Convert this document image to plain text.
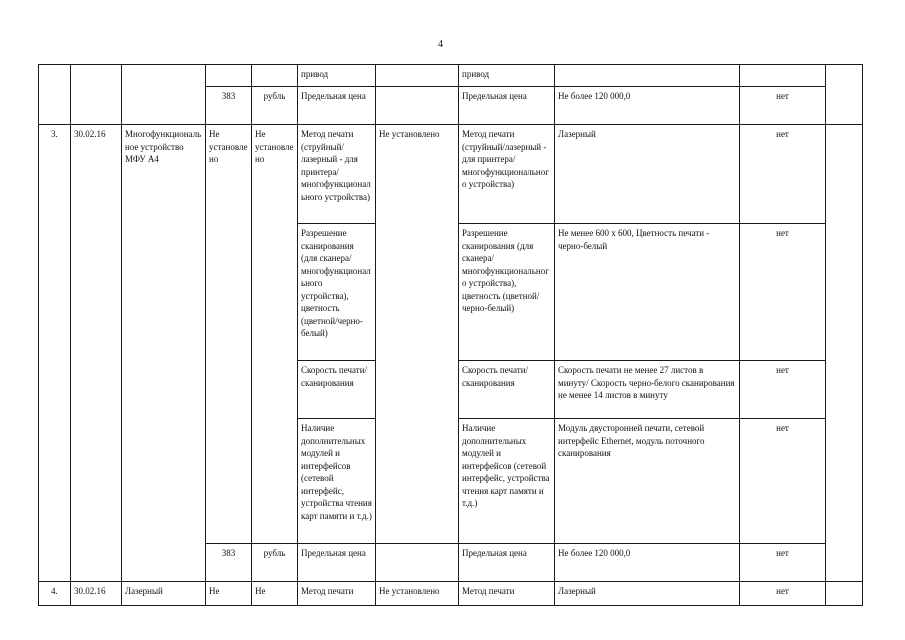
4
					привод		привод			
			383	рубль	Предельная цена		Предельная цена	Не более 120 000,0	нет	
3.	30.02.16	Многофункциональное устройство МФУ А4	Не установлено	Не установлено	Метод печати (струйный/лазерный - для принтера/многофункционального устройства)	Не установлено	Метод печати (струйный/лазерный - для принтера/многофункционального устройства)	Лазерный	нет	
					Разрешение сканирования (для сканера/многофункционального устройства), цветность (цветной/черно-белый)		Разрешение сканирования (для сканера/ многофункционального устройства), цветность (цветной/ черно-белый)	Не менее 600 х 600, Цветность печати - черно-белый	нет	
					Скорость печати/сканирования		Скорость печати/ сканирования	Скорость печати не менее 27 листов в минуту/ Скорость черно-белого сканирования не менее 14 листов в минуту	нет	
					Наличие дополнительных модулей и интерфейсов (сетевой интерфейс, устройства чтения карт памяти и т.д.)		Наличие дополнительных модулей и интерфейсов (сетевой интерфейс, устройства чтения карт памяти и т.д.)	Модуль двусторонней печати, сетевой интерфейс Ethernet, модуль поточного сканирования	нет	
			383	рубль	Предельная цена		Предельная цена	Не более 120 000,0	нет	
4.	30.02.16	Лазерный	Не	Не	Метод печати	Не установлено	Метод печати	Лазерный	нет	
